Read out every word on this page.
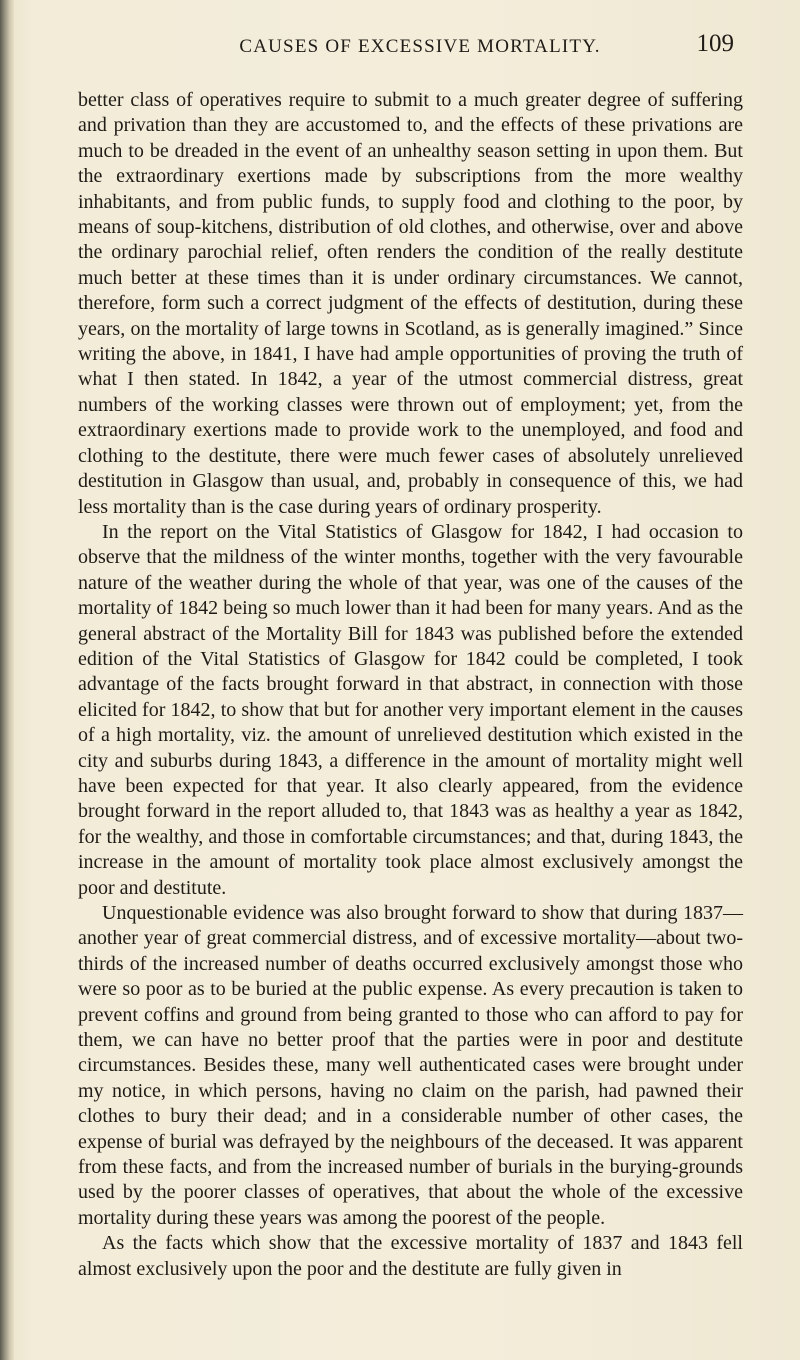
CAUSES OF EXCESSIVE MORTALITY.	109

better class of operatives require to submit to a much greater degree of suffering and privation than they are accustomed to, and the effects of these privations are much to be dreaded in the event of an unhealthy season setting in upon them. But the extraordinary exertions made by subscriptions from the more wealthy inhabitants, and from public funds, to supply food and clothing to the poor, by means of soup-kitchens, distribution of old clothes, and otherwise, over and above the ordinary parochial relief, often renders the condition of the really destitute much better at these times than it is under ordinary circumstances. We cannot, therefore, form such a correct judgment of the effects of destitution, during these years, on the mortality of large towns in Scotland, as is generally imagined.” Since writing the above, in 1841, I have had ample opportunities of proving the truth of what I then stated. In 1842, a year of the utmost commercial distress, great numbers of the working classes were thrown out of employment; yet, from the extraordinary exertions made to provide work to the unemployed, and food and clothing to the destitute, there were much fewer cases of absolutely unrelieved destitution in Glasgow than usual, and, probably in consequence of this, we had less mortality than is the case during years of ordinary prosperity.

In the report on the Vital Statistics of Glasgow for 1842, I had occasion to observe that the mildness of the winter months, together with the very favourable nature of the weather during the whole of that year, was one of the causes of the mortality of 1842 being so much lower than it had been for many years. And as the general abstract of the Mortality Bill for 1843 was published before the extended edition of the Vital Statistics of Glasgow for 1842 could be completed, I took advantage of the facts brought forward in that abstract, in connection with those elicited for 1842, to show that but for another very important element in the causes of a high mortality, viz. the amount of unrelieved destitution which existed in the city and suburbs during 1843, a difference in the amount of mortality might well have been expected for that year. It also clearly appeared, from the evidence brought forward in the report alluded to, that 1843 was as healthy a year as 1842, for the wealthy, and those in comfortable circumstances; and that, during 1843, the increase in the amount of mortality took place almost exclusively amongst the poor and destitute.

Unquestionable evidence was also brought forward to show that during 1837—another year of great commercial distress, and of excessive mortality—about two-thirds of the increased number of deaths occurred exclusively amongst those who were so poor as to be buried at the public expense. As every precaution is taken to prevent coffins and ground from being granted to those who can afford to pay for them, we can have no better proof that the parties were in poor and destitute circumstances. Besides these, many well authenticated cases were brought under my notice, in which persons, having no claim on the parish, had pawned their clothes to bury their dead; and in a considerable number of other cases, the expense of burial was defrayed by the neighbours of the deceased. It was apparent from these facts, and from the increased number of burials in the burying-grounds used by the poorer classes of operatives, that about the whole of the excessive mortality during these years was among the poorest of the people.

As the facts which show that the excessive mortality of 1837 and 1843 fell almost exclusively upon the poor and the destitute are fully given in
